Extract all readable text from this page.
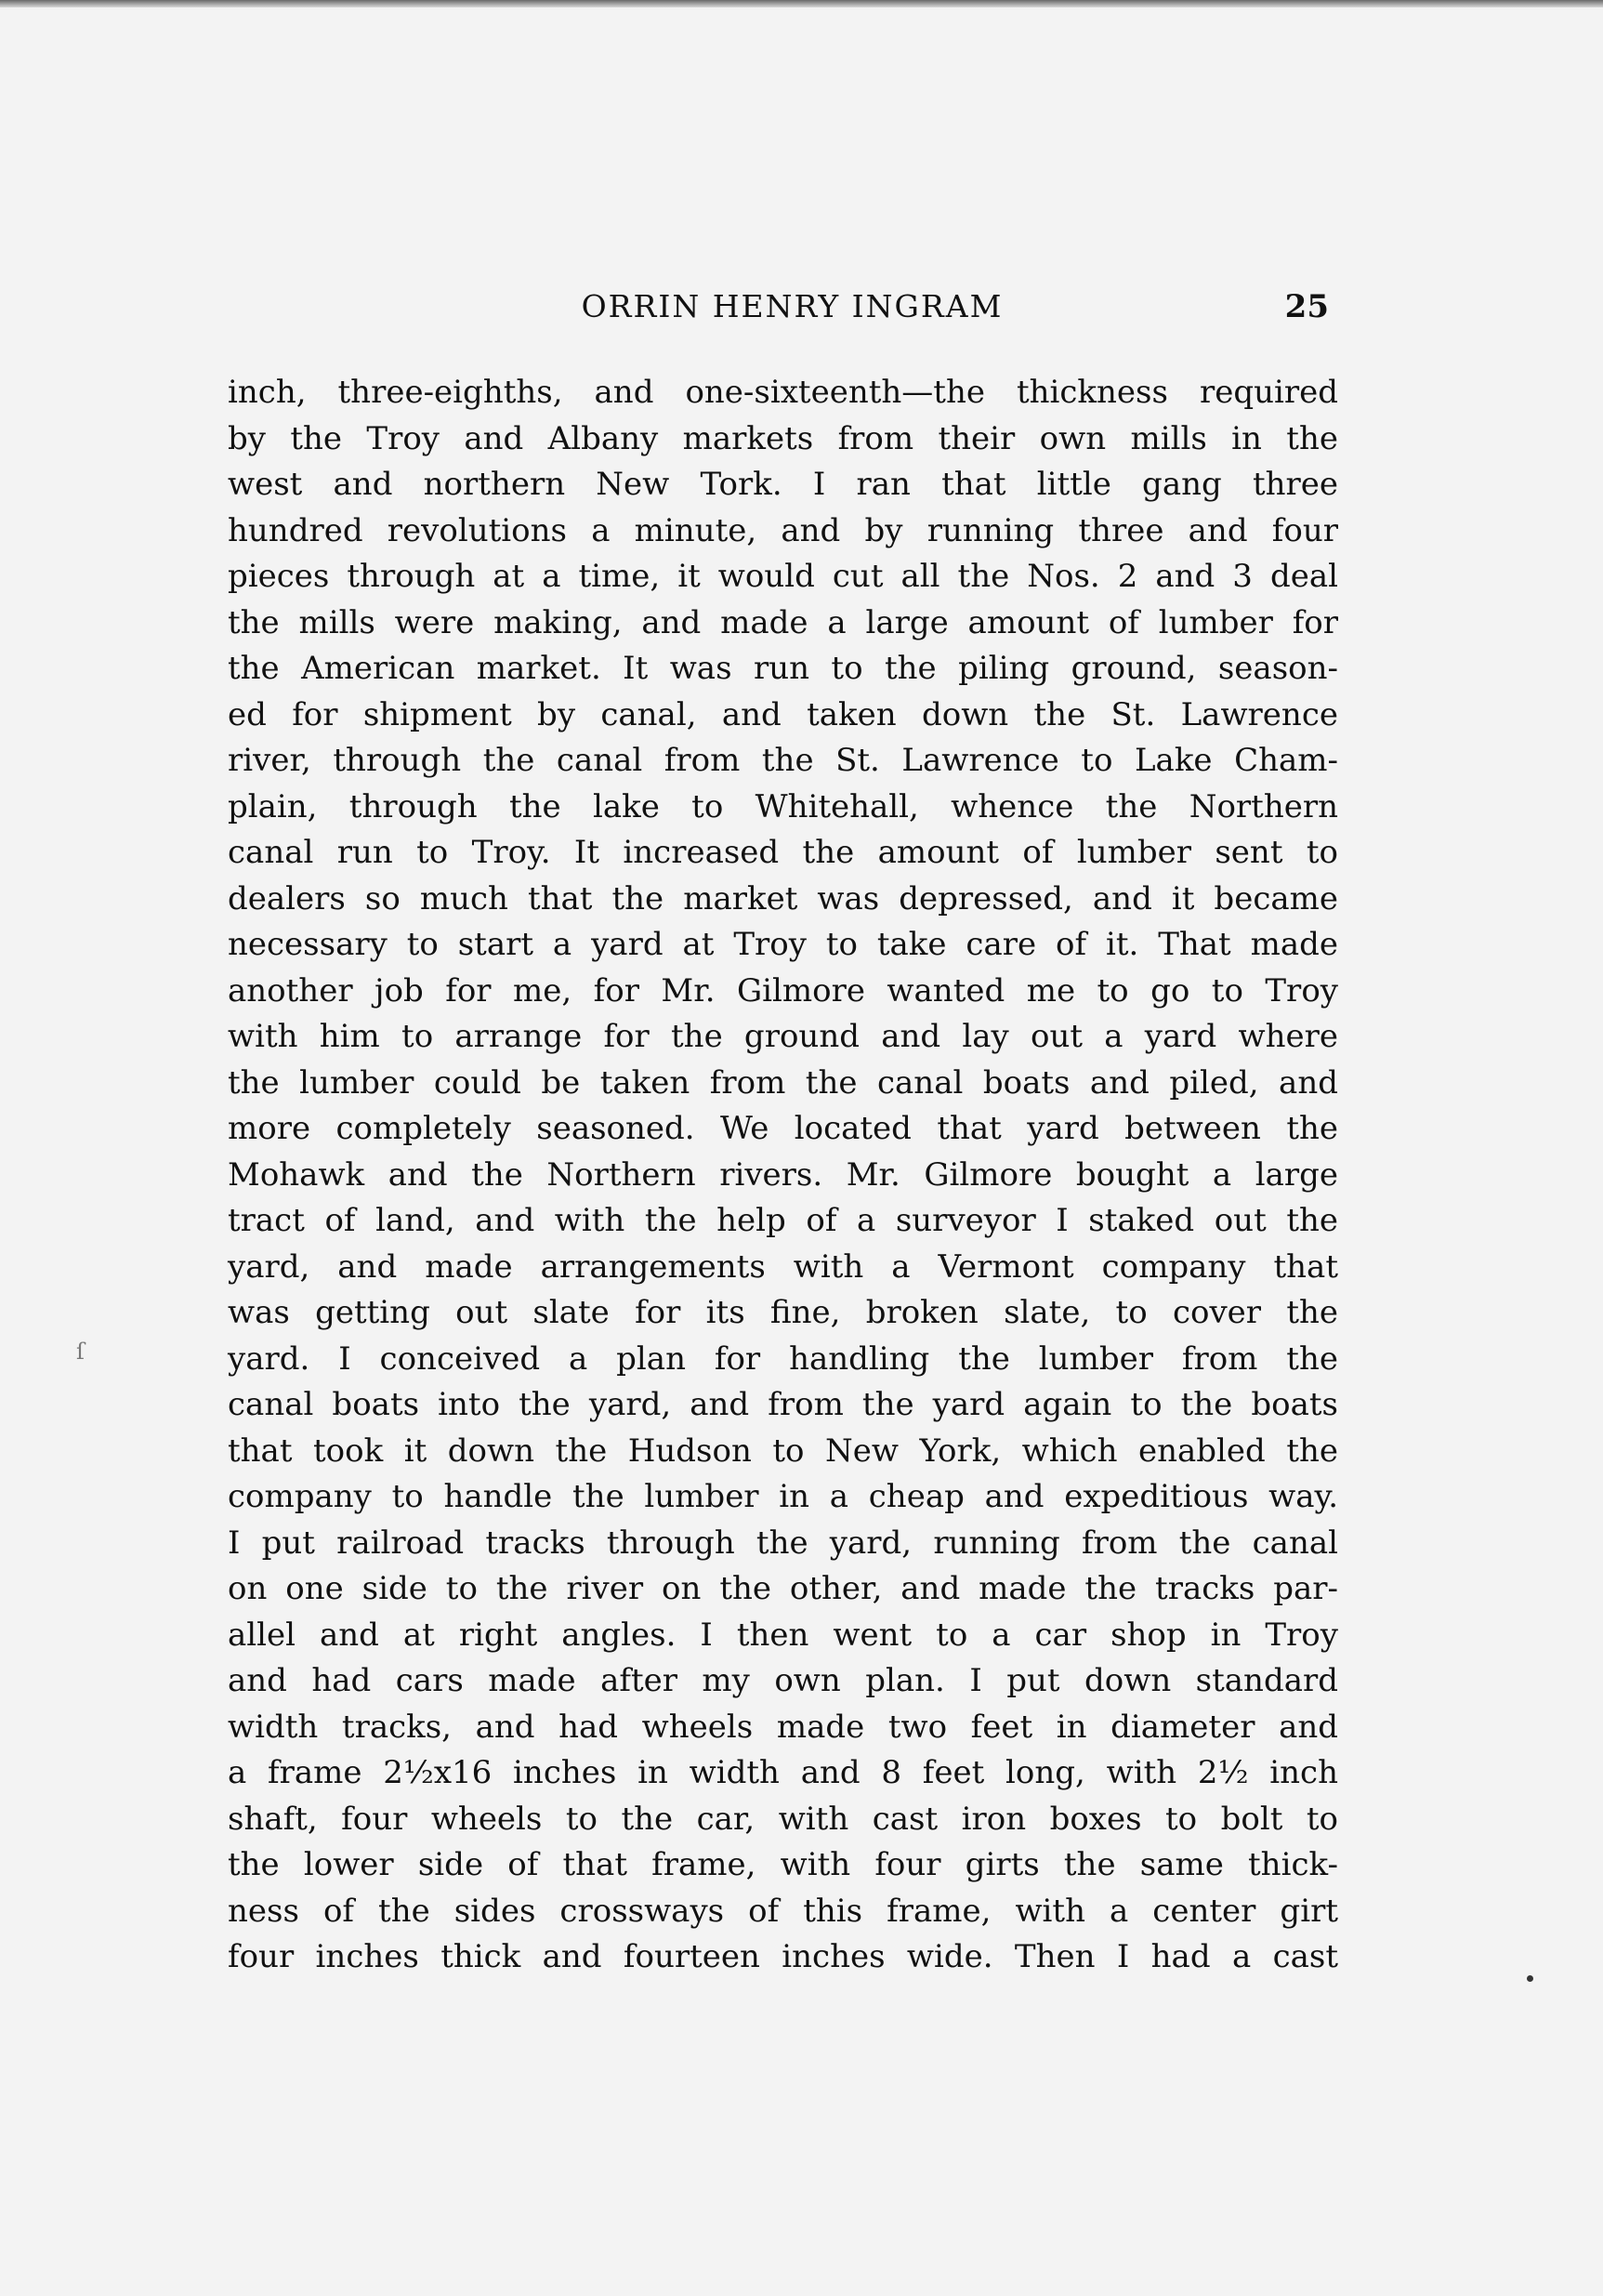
ORRIN HENRY INGRAM	25
inch, three-eighths, and one-sixteenth—the thickness required
by the Troy and Albany markets from their own mills in the
west and northern New Tork. I ran that little gang three
hundred revolutions a minute, and by running three and four
pieces through at a time, it would cut all the Nos. 2 and 3 deal
the mills were making, and made a large amount of lumber for
the American market. It was run to the piling ground, season-
ed for shipment by canal, and taken down the St. Lawrence
river, through the canal from the St. Lawrence to Lake Cham-
plain, through the lake to Whitehall, whence the Northern
canal run to Troy. It increased the amount of lumber sent to
dealers so much that the market was depressed, and it became
necessary to start a yard at Troy to take care of it. That made
another job for me, for Mr. Gilmore wanted me to go to Troy
with him to arrange for the ground and lay out a yard where
the lumber could be taken from the canal boats and piled, and
more completely seasoned. We located that yard between the
Mohawk and the Northern rivers. Mr. Gilmore bought a large
tract of land, and with the help of a surveyor I staked out the
yard, and made arrangements with a Vermont company that
was getting out slate for its fine, broken slate, to cover the
yard. I conceived a plan for handling the lumber from the
canal boats into the yard, and from the yard again to the boats
that took it down the Hudson to New York, which enabled the
company to handle the lumber in a cheap and expeditious way.
I put railroad tracks through the yard, running from the canal
on one side to the river on the other, and made the tracks par-
allel and at right angles. I then went to a car shop in Troy
and had cars made after my own plan. I put down standard
width tracks, and had wheels made two feet in diameter and
a frame 2½x16 inches in width and 8 feet long, with 2½ inch
shaft, four wheels to the car, with cast iron boxes to bolt to
the lower side of that frame, with four girts the same thick-
ness of the sides crossways of this frame, with a center girt
four inches thick and fourteen inches wide. Then I had a cast
ſ
